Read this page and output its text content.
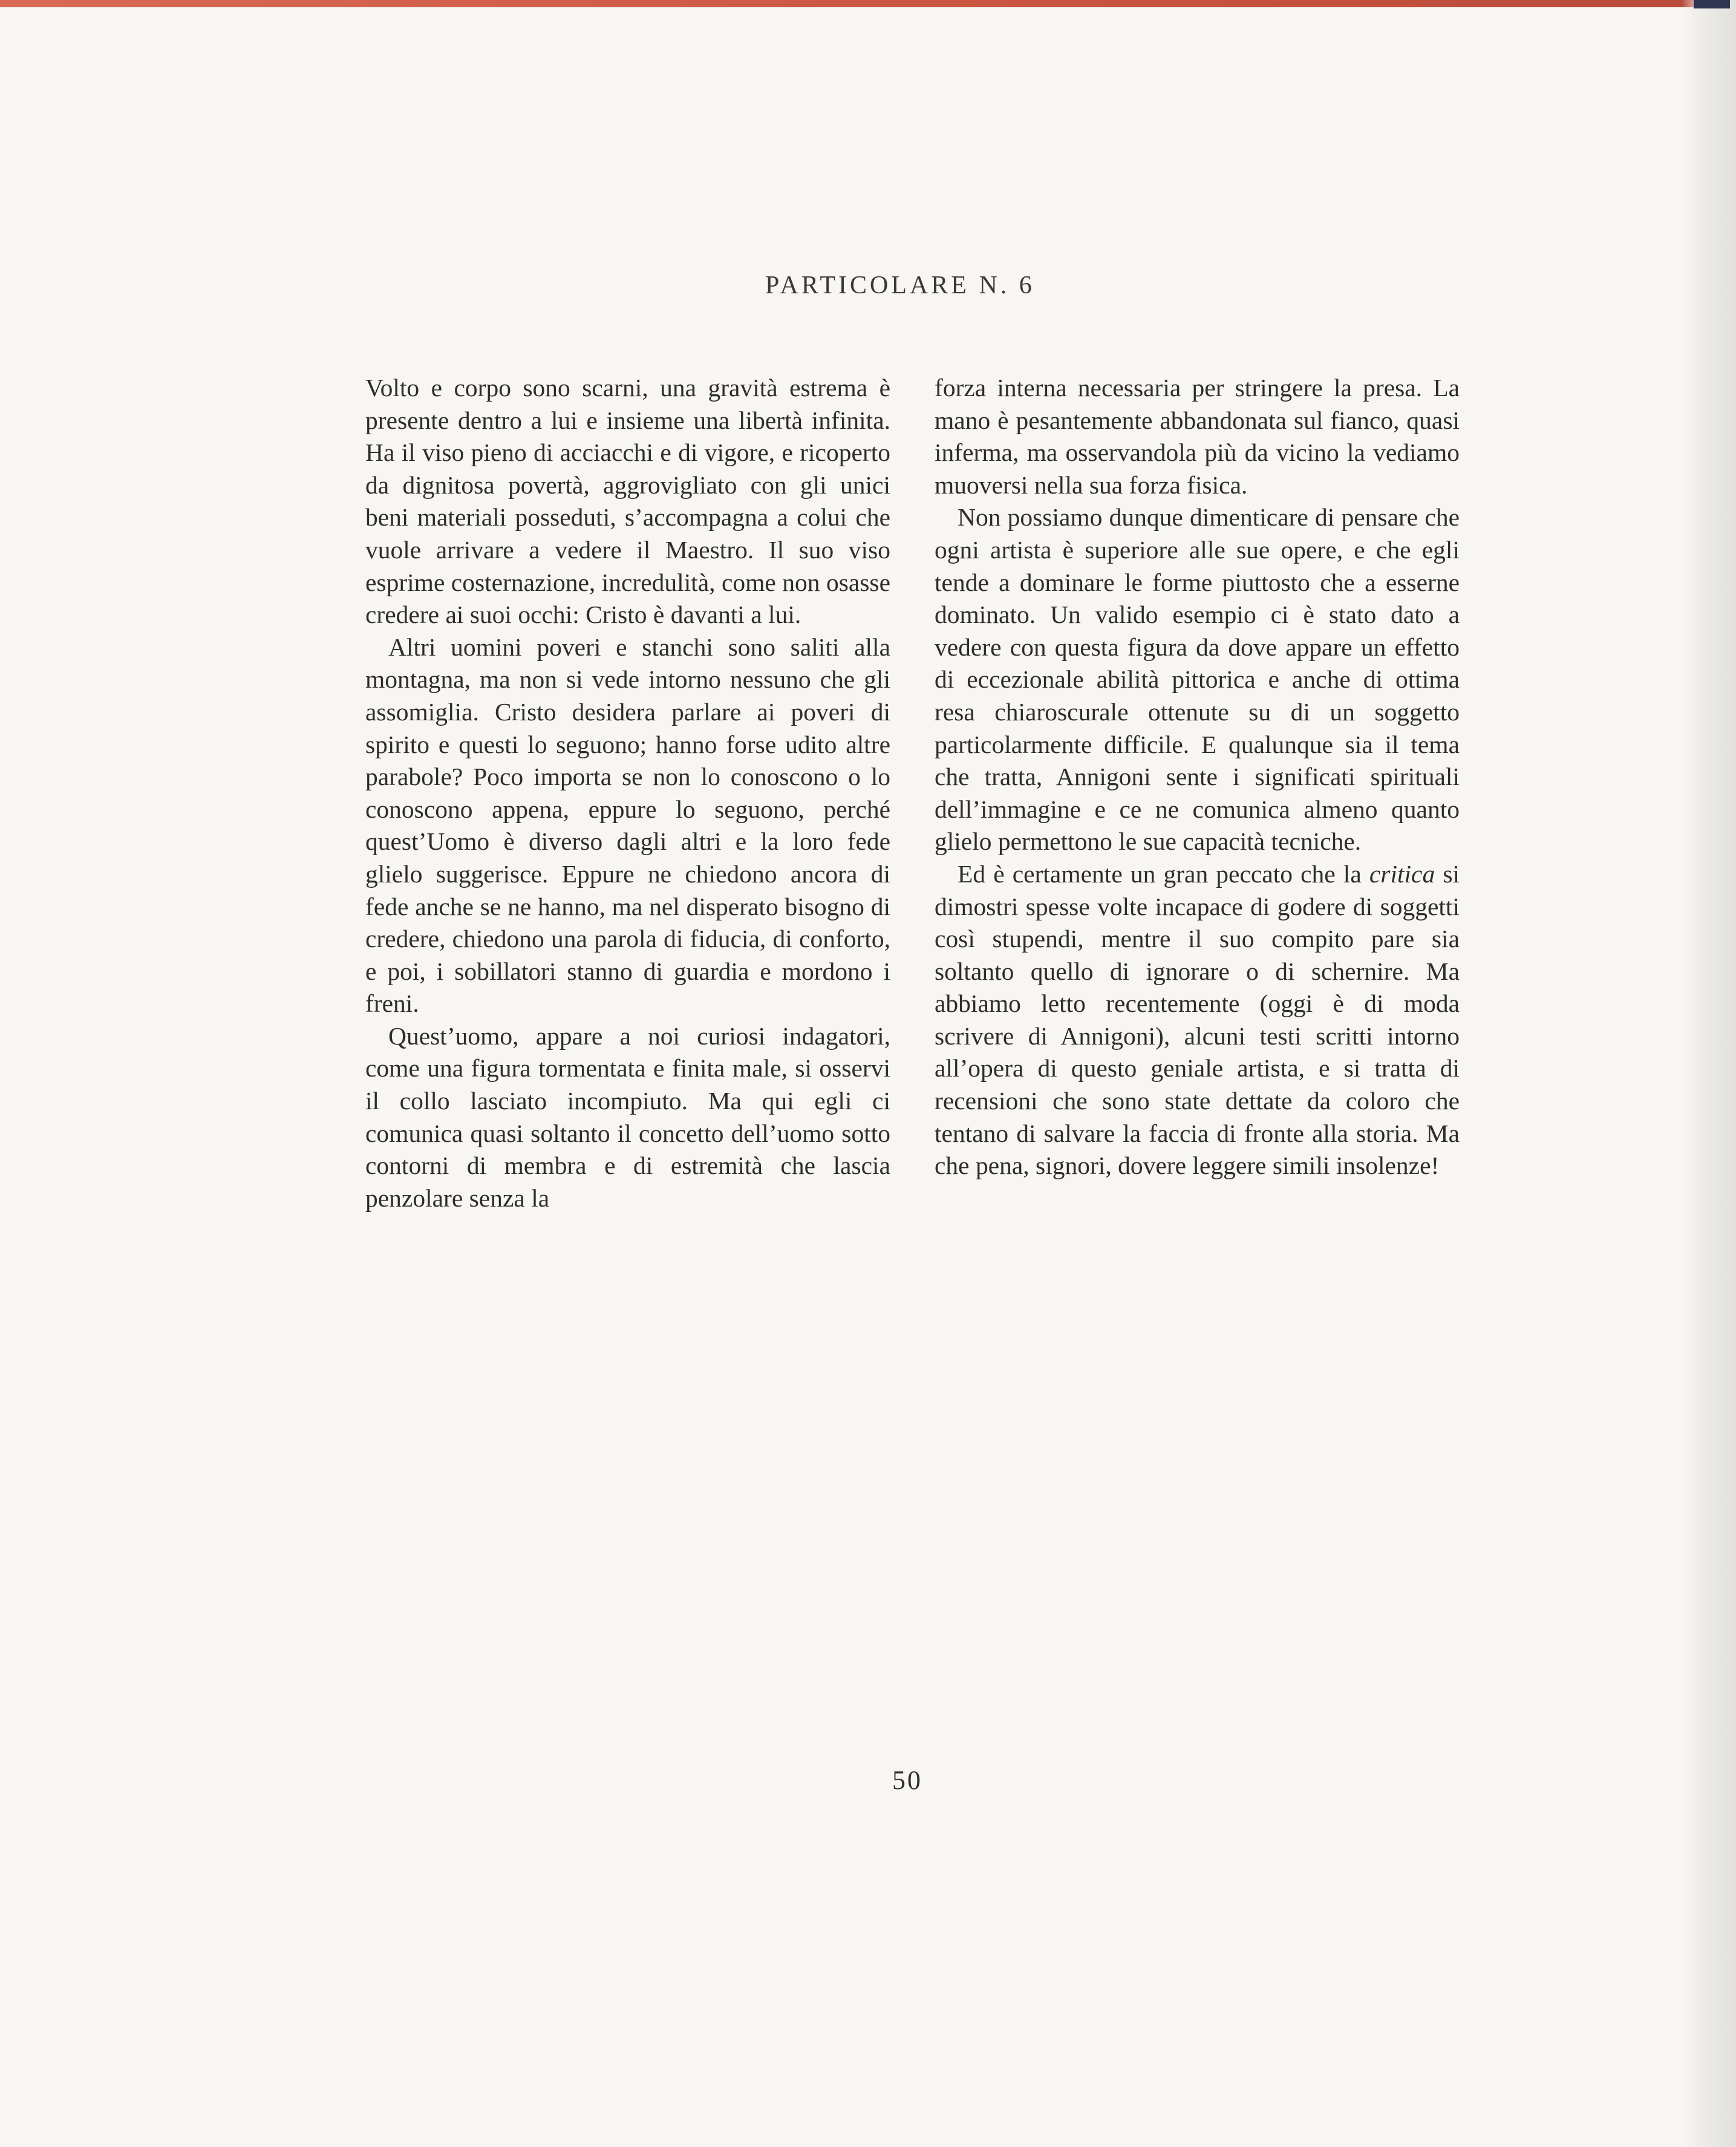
PARTICOLARE N. 6

Volto e corpo sono scarni, una gravità estrema è presente dentro a lui e insieme una libertà infinita. Ha il viso pieno di acciacchi e di vigore, e ricoperto da dignitosa povertà, aggrovigliato con gli unici beni materiali posseduti, s’accompagna a colui che vuole arrivare a vedere il Maestro. Il suo viso esprime costernazione, incredulità, come non osasse credere ai suoi occhi: Cristo è davanti a lui.

Altri uomini poveri e stanchi sono saliti alla montagna, ma non si vede intorno nessuno che gli assomiglia. Cristo desidera parlare ai poveri di spirito e questi lo seguono; hanno forse udito altre parabole? Poco importa se non lo conoscono o lo conoscono appena, eppure lo seguono, perché quest’Uomo è diverso dagli altri e la loro fede glielo suggerisce. Eppure ne chiedono ancora di fede anche se ne hanno, ma nel disperato bisogno di credere, chiedono una parola di fiducia, di conforto, e poi, i sobillatori stanno di guardia e mordono i freni.

Quest’uomo, appare a noi curiosi indagatori, come una figura tormentata e finita male, si osservi il collo lasciato incompiuto. Ma qui egli ci comunica quasi soltanto il concetto dell’uomo sotto contorni di membra e di estremità che lascia penzolare senza la

forza interna necessaria per stringere la presa. La mano è pesantemente abbandonata sul fianco, quasi inferma, ma osservandola più da vicino la vediamo muoversi nella sua forza fisica.

Non possiamo dunque dimenticare di pensare che ogni artista è superiore alle sue opere, e che egli tende a dominare le forme piuttosto che a esserne dominato. Un valido esempio ci è stato dato a vedere con questa figura da dove appare un effetto di eccezionale abilità pittorica e anche di ottima resa chiaroscurale ottenute su di un soggetto particolarmente difficile. E qualunque sia il tema che tratta, Annigoni sente i significati spirituali dell’immagine e ce ne comunica almeno quanto glielo permettono le sue capacità tecniche.

Ed è certamente un gran peccato che la critica si dimostri spesse volte incapace di godere di soggetti così stupendi, mentre il suo compito pare sia soltanto quello di ignorare o di schernire. Ma abbiamo letto recentemente (oggi è di moda scrivere di Annigoni), alcuni testi scritti intorno all’opera di questo geniale artista, e si tratta di recensioni che sono state dettate da coloro che tentano di salvare la faccia di fronte alla storia. Ma che pena, signori, dovere leggere simili insolenze!

50
